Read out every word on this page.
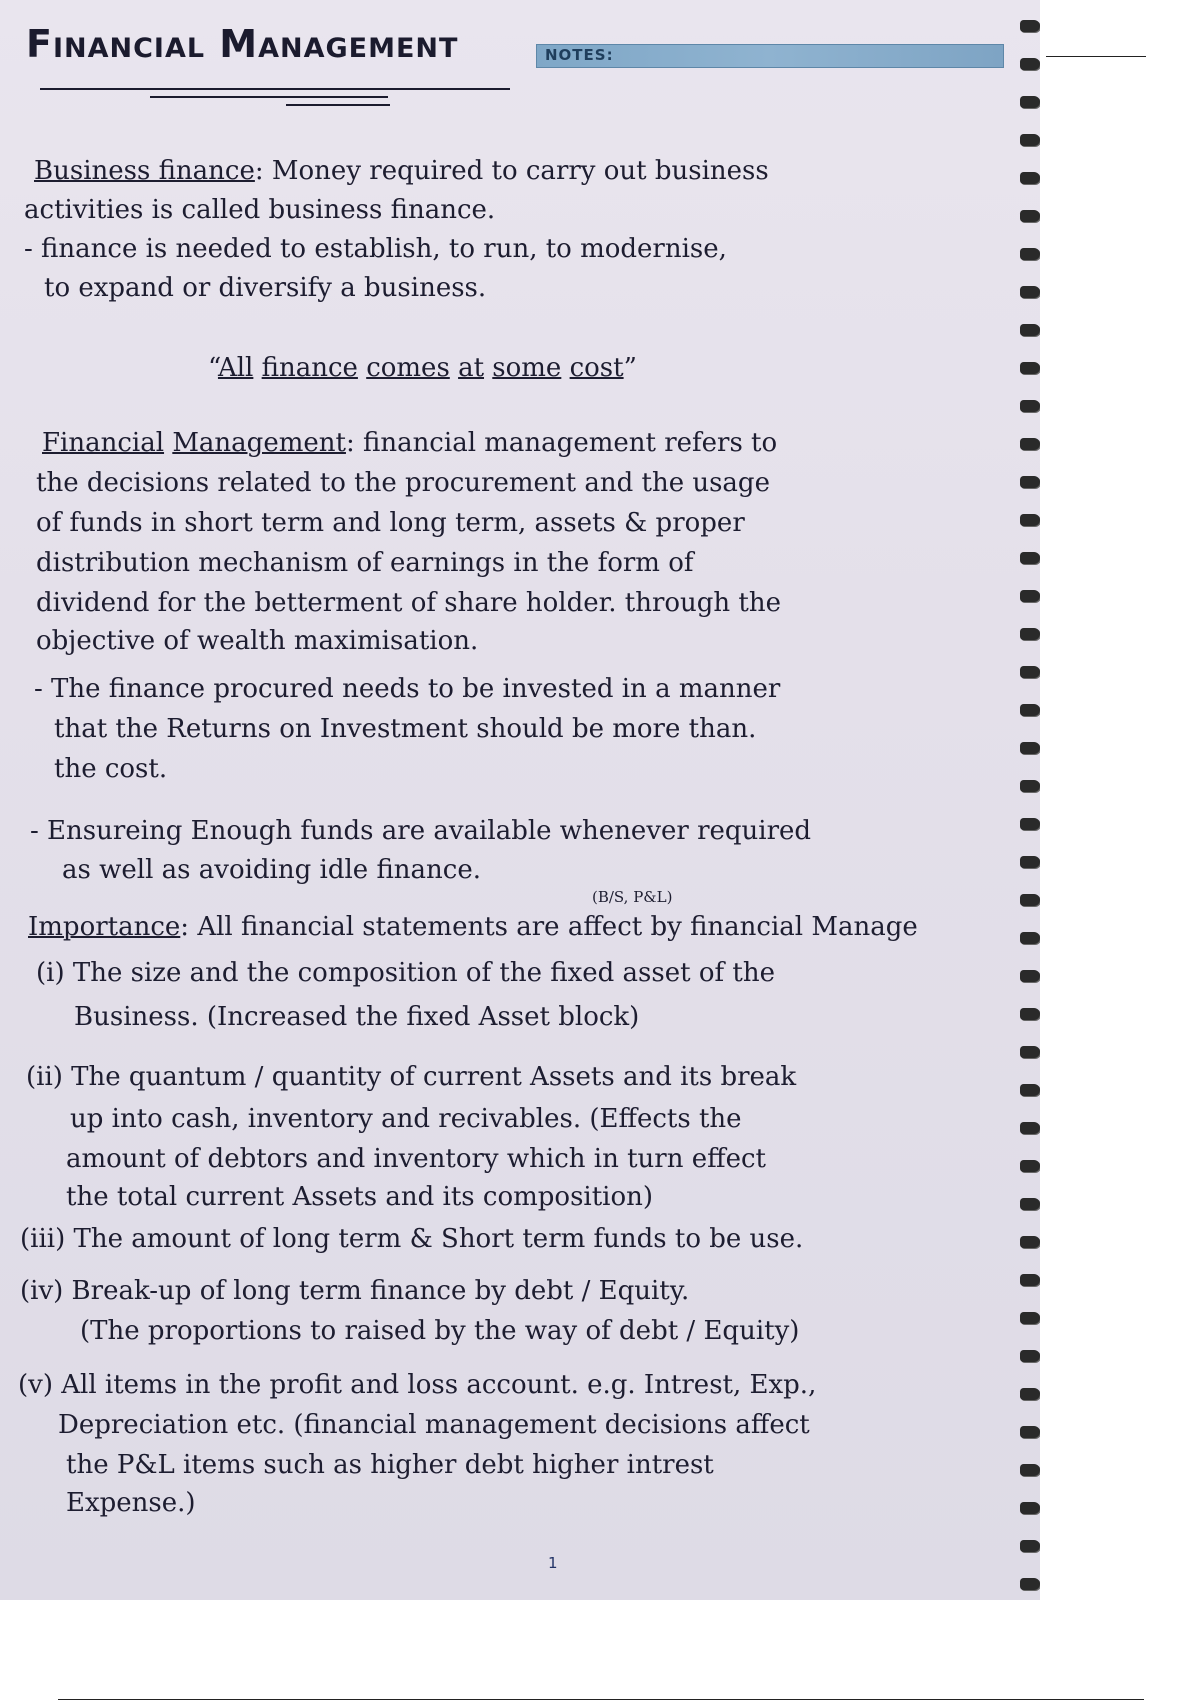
Financial Management	NOTES:
Business finance: Money required to carry out business
activities is called business finance.
- finance is needed to establish, to run, to modernise,
to expand or diversify a business.
“All finance comes at some cost”
Financial Management: financial management refers to
the decisions related to the procurement and the usage
of funds in short term and long term, assets & proper
distribution mechanism of earnings in the form of
dividend for the betterment of share holder. through the
objective of wealth maximisation.
- The finance procured needs to be invested in a manner
that the Returns on Investment should be more than.
the cost.
- Ensureing Enough funds are available whenever required
as well as avoiding idle finance.
(B/S, P&L)
Importance: All financial statements are affect by financial Manage
(i) The size and the composition of the fixed asset of the
Business. (Increased the fixed Asset block)
(ii) The quantum / quantity of current Assets and its break
up into cash, inventory and recivables. (Effects the
amount of debtors and inventory which in turn effect
the total current Assets and its composition)
(iii) The amount of long term & Short term funds to be use.
(iv) Break-up of long term finance by debt / Equity.
(The proportions to raised by the way of debt / Equity)
(v) All items in the profit and loss account. e.g. Intrest, Exp.,
Depreciation etc. (financial management decisions affect
the P&L items such as higher debt higher intrest
Expense.)
1
